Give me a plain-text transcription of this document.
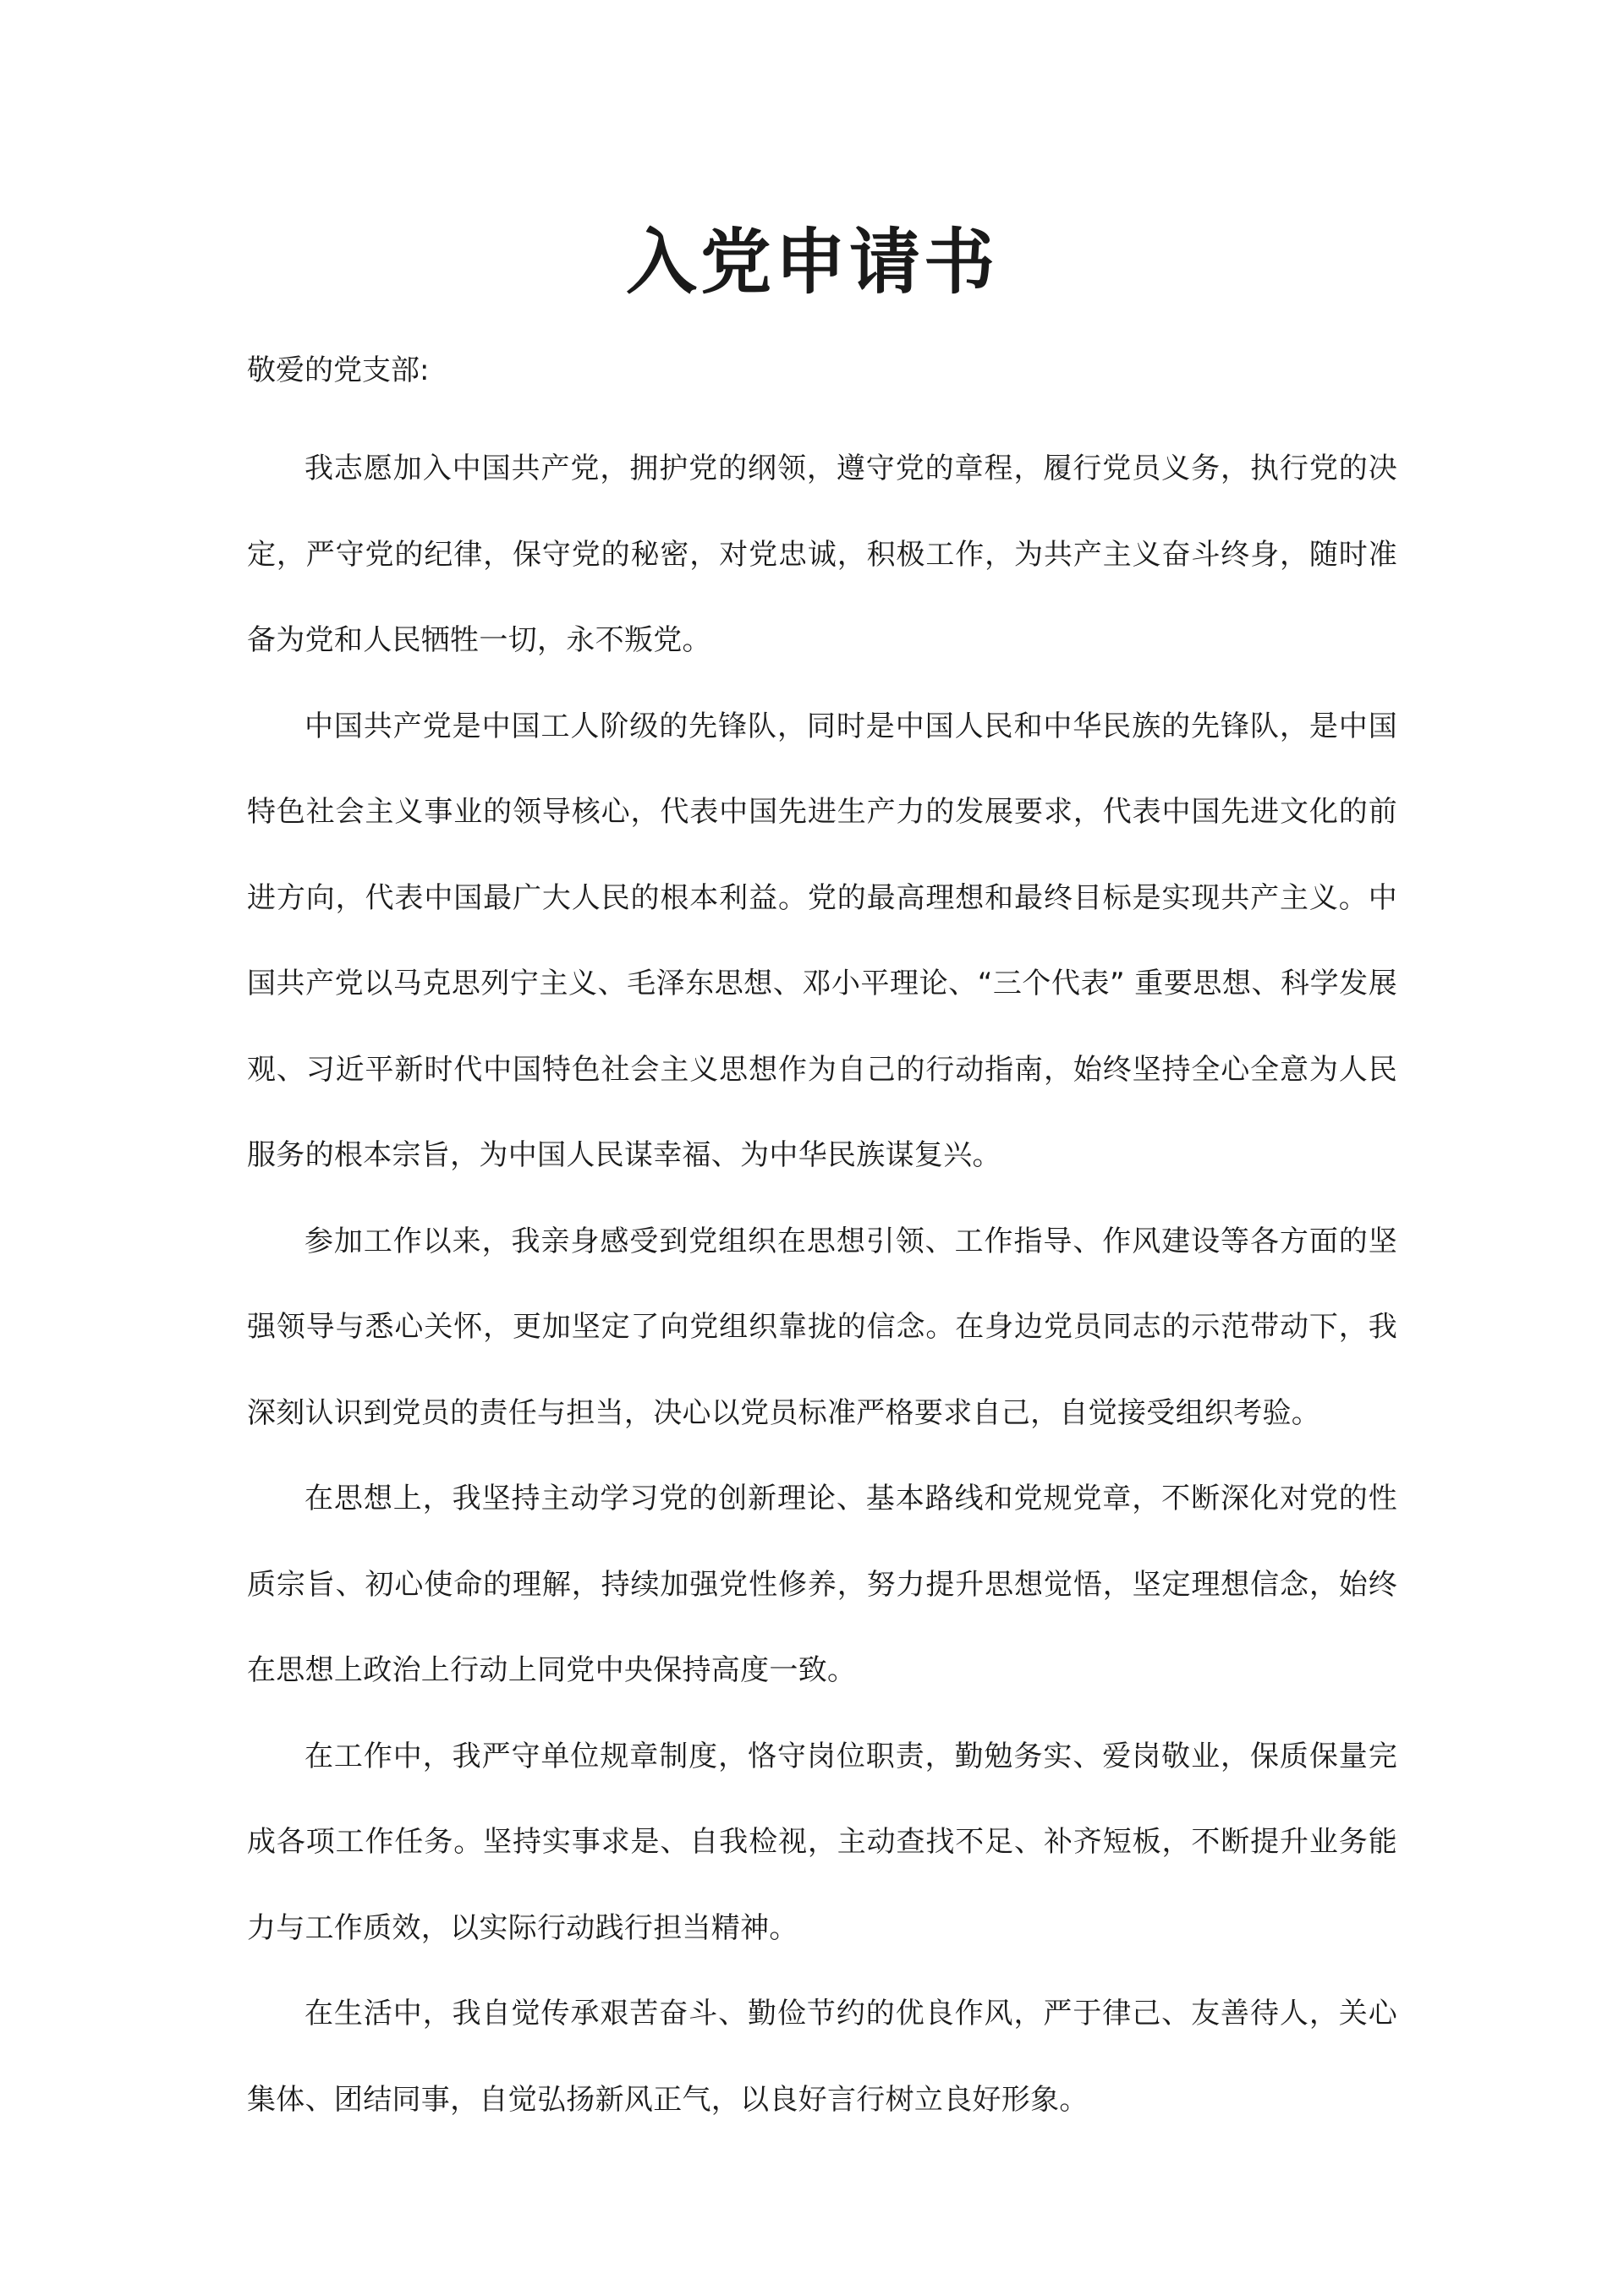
入党申请书

敬爱的党支部:

我志愿加入中国共产党，拥护党的纲领，遵守党的章程，履行党员义务，执行党的决定，严守党的纪律，保守党的秘密，对党忠诚，积极工作，为共产主义奋斗终身，随时准备为党和人民牺牲一切，永不叛党。

中国共产党是中国工人阶级的先锋队，同时是中国人民和中华民族的先锋队，是中国特色社会主义事业的领导核心，代表中国先进生产力的发展要求，代表中国先进文化的前进方向，代表中国最广大人民的根本利益。党的最高理想和最终目标是实现共产主义。中国共产党以马克思列宁主义、毛泽东思想、邓小平理论、“三个代表” 重要思想、科学发展观、习近平新时代中国特色社会主义思想作为自己的行动指南，始终坚持全心全意为人民服务的根本宗旨，为中国人民谋幸福、为中华民族谋复兴。

参加工作以来，我亲身感受到党组织在思想引领、工作指导、作风建设等各方面的坚强领导与悉心关怀，更加坚定了向党组织靠拢的信念。在身边党员同志的示范带动下，我深刻认识到党员的责任与担当，决心以党员标准严格要求自己，自觉接受组织考验。

在思想上，我坚持主动学习党的创新理论、基本路线和党规党章，不断深化对党的性质宗旨、初心使命的理解，持续加强党性修养，努力提升思想觉悟，坚定理想信念，始终在思想上政治上行动上同党中央保持高度一致。

在工作中，我严守单位规章制度，恪守岗位职责，勤勉务实、爱岗敬业，保质保量完成各项工作任务。坚持实事求是、自我检视，主动查找不足、补齐短板，不断提升业务能力与工作质效，以实际行动践行担当精神。

在生活中，我自觉传承艰苦奋斗、勤俭节约的优良作风，严于律己、友善待人，关心集体、团结同事，自觉弘扬新风正气，以良好言行树立良好形象。
